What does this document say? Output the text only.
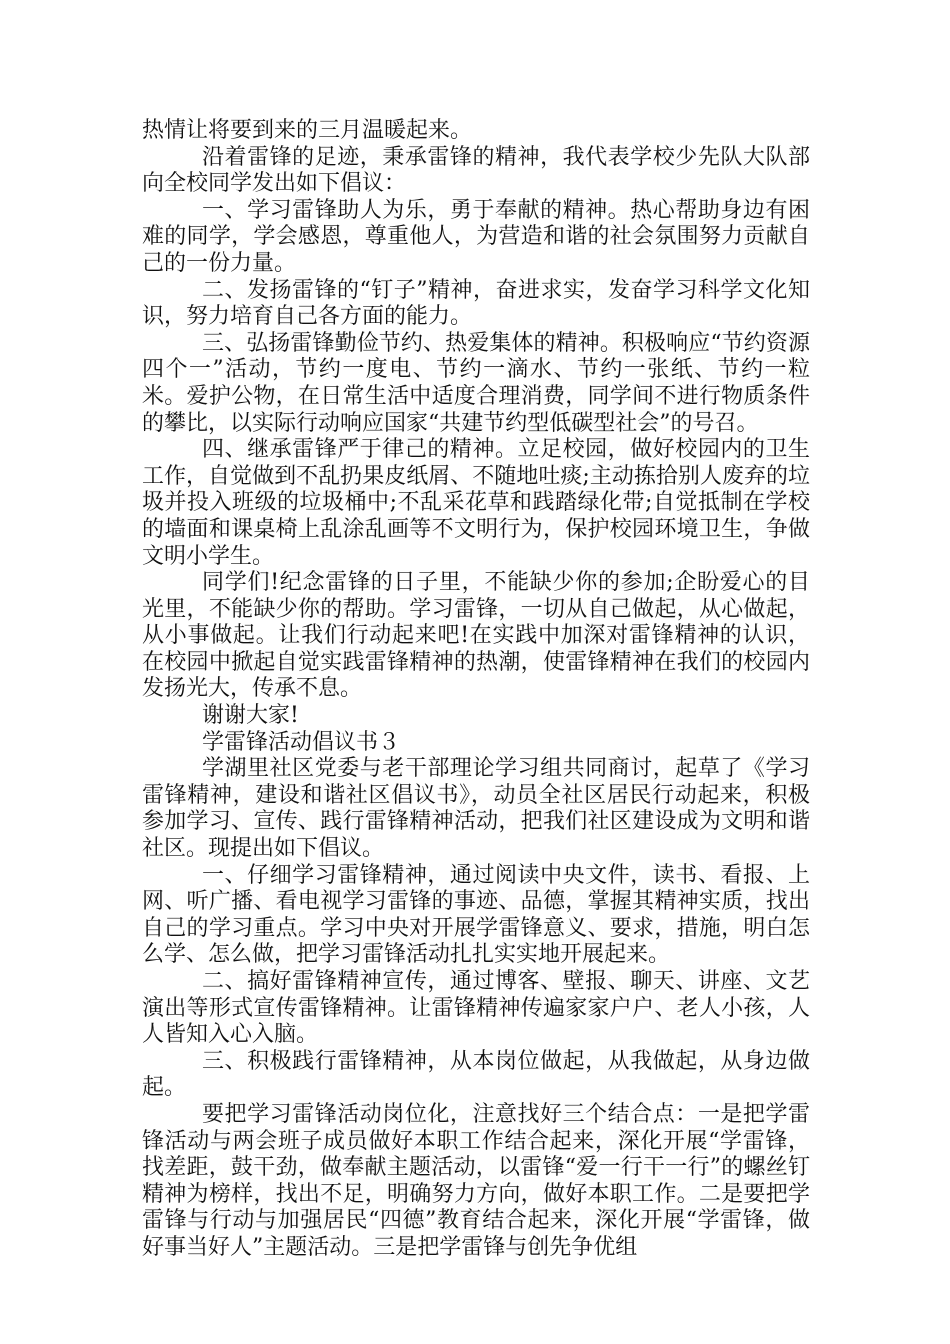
热情让将要到来的三月温暖起来。

沿着雷锋的足迹，秉承雷锋的精神，我代表学校少先队大队部向全校同学发出如下倡议：

一、学习雷锋助人为乐，勇于奉献的精神。热心帮助身边有困难的同学，学会感恩，尊重他人，为营造和谐的社会氛围努力贡献自己的一份力量。

二、发扬雷锋的“钉子”精神，奋进求实，发奋学习科学文化知识，努力培育自己各方面的能力。

三、弘扬雷锋勤俭节约、热爱集体的精神。积极响应“节约资源四个一”活动，节约一度电、节约一滴水、节约一张纸、节约一粒米。爱护公物，在日常生活中适度合理消费，同学间不进行物质条件的攀比，以实际行动响应国家“共建节约型低碳型社会”的号召。

四、继承雷锋严于律己的精神。立足校园，做好校园内的卫生工作，自觉做到不乱扔果皮纸屑、不随地吐痰;主动拣拾别人废弃的垃圾并投入班级的垃圾桶中;不乱采花草和践踏绿化带;自觉抵制在学校的墙面和课桌椅上乱涂乱画等不文明行为，保护校园环境卫生，争做文明小学生。

同学们!纪念雷锋的日子里，不能缺少你的参加;企盼爱心的目光里，不能缺少你的帮助。学习雷锋，一切从自己做起，从心做起，从小事做起。让我们行动起来吧!在实践中加深对雷锋精神的认识，在校园中掀起自觉实践雷锋精神的热潮，使雷锋精神在我们的校园内发扬光大，传承不息。

谢谢大家!

学雷锋活动倡议书３

学湖里社区党委与老干部理论学习组共同商讨，起草了《学习雷锋精神，建设和谐社区倡议书》，动员全社区居民行动起来，积极参加学习、宣传、践行雷锋精神活动，把我们社区建设成为文明和谐社区。现提出如下倡议。

一、仔细学习雷锋精神，通过阅读中央文件，读书、看报、上网、听广播、看电视学习雷锋的事迹、品德，掌握其精神实质，找出自己的学习重点。学习中央对开展学雷锋意义、要求，措施，明白怎么学、怎么做，把学习雷锋活动扎扎实实地开展起来。

二、搞好雷锋精神宣传，通过博客、壁报、聊天、讲座、文艺演出等形式宣传雷锋精神。让雷锋精神传遍家家户户、老人小孩，人人皆知入心入脑。

三、积极践行雷锋精神，从本岗位做起，从我做起，从身边做起。

要把学习雷锋活动岗位化，注意找好三个结合点：一是把学雷锋活动与两会班子成员做好本职工作结合起来，深化开展“学雷锋，找差距，鼓干劲，做奉献主题活动，以雷锋“爱一行干一行”的螺丝钉精神为榜样，找出不足，明确努力方向，做好本职工作。二是要把学雷锋与行动与加强居民“四德”教育结合起来，深化开展“学雷锋，做好事当好人”主题活动。三是把学雷锋与创先争优组
